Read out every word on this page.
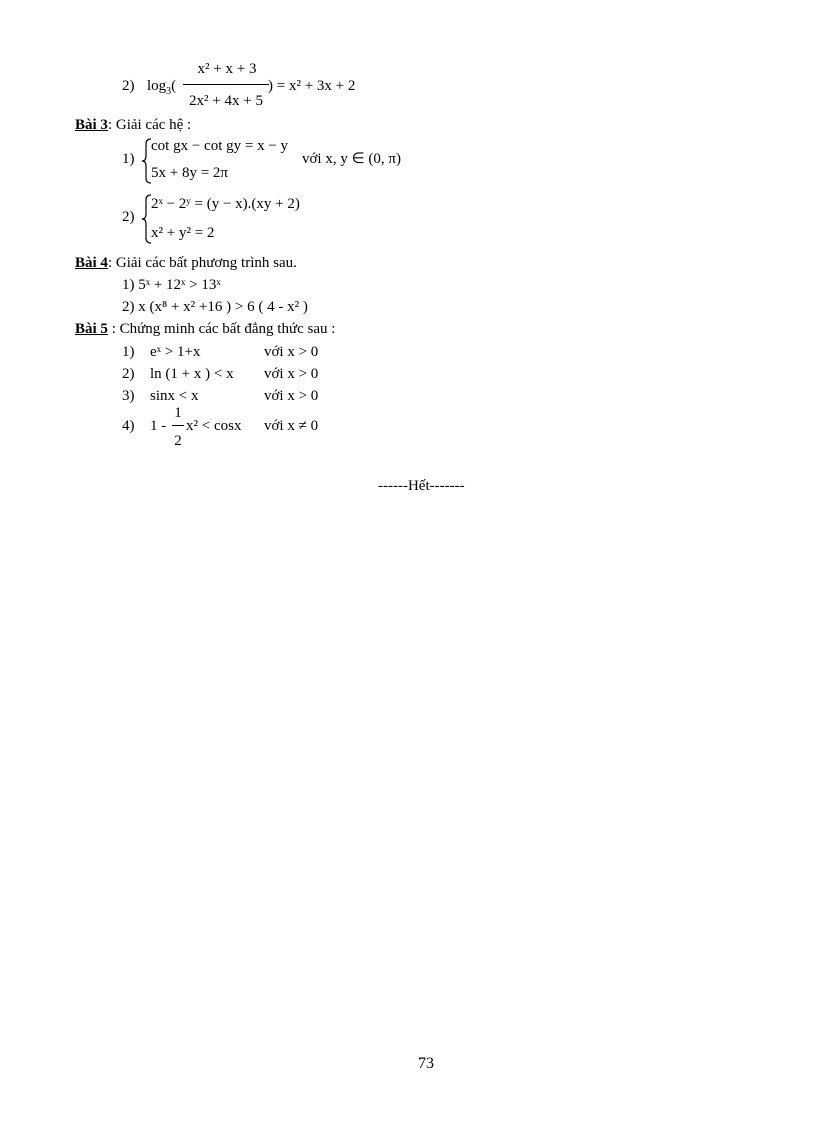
2) $\log_3$(
x² + x + 3
2x² + 4x + 5
) = x² + 3x + 2
Bài 3: Giải các hệ :
1)
cot gx − cot gy = x − y
5x + 8y = 2π
với x, y ∈ (0, π)
2)
2ˣ − 2ʸ = (y − x).(xy + 2)
x² + y² = 2
Bài 4: Giải các bất phương trình sau.
1) 5ˣ + 12ˣ > 13ˣ
2) x (x⁸ + x² +16 ) > 6 ( 4 - x² )
Bài 5 : Chứng minh các bất đẳng thức sau :
1) eˣ > 1+x	với x > 0
2) ln (1 + x ) < x với x > 0
3) sinx < x	với x > 0
4) 1 -
1
2
x² < cosx với x ≠ 0
------Hết-------
73
